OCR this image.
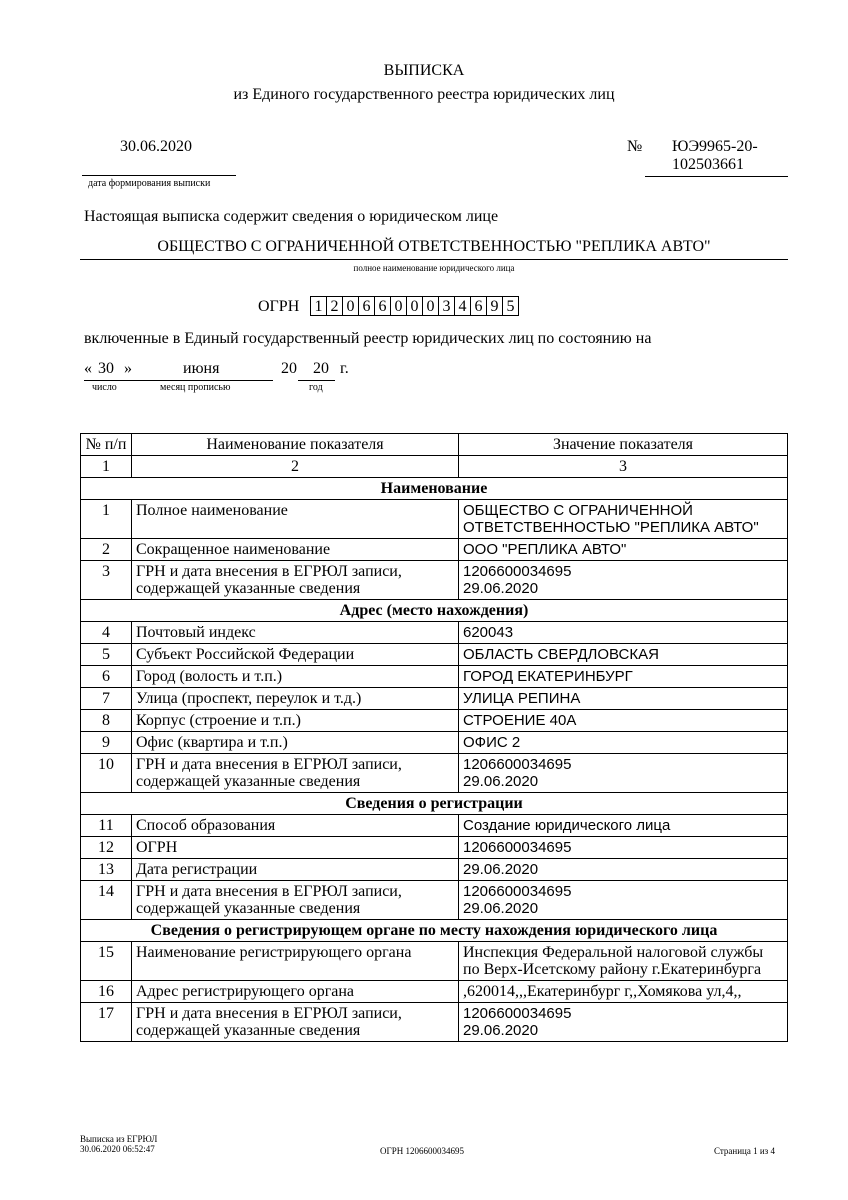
ВЫПИСКА
из Единого государственного реестра юридических лиц
30.06.2020
дата формирования выписки
№ ЮЭ9965-20-
102503661
Настоящая выписка содержит сведения о юридическом лице
ОБЩЕСТВО С ОГРАНИЧЕННОЙ ОТВЕТСТВЕННОСТЬЮ "РЕПЛИКА АВТО"
полное наименование юридического лица
ОГРН 1 2 0 6 6 0 0 0 3 4 6 9 5
включенные в Единый государственный реестр юридических лиц по состоянию на
« 30 »	июня	20 20 г.
число	месяц прописью	год
№ п/п	Наименование показателя	Значение показателя
1	2	3
Наименование		
1	Полное наименование	ОБЩЕСТВО С ОГРАНИЧЕННОЙ ОТВЕТСТВЕННОСТЬЮ "РЕПЛИКА АВТО"
2	Сокращенное наименование	ООО "РЕПЛИКА АВТО"
3	ГРН и дата внесения в ЕГРЮЛ записи, содержащей указанные сведения	1206600034695
29.06.2020

Адрес (место нахождения)		
4	Почтовый индекс	620043
5	Субъект Российской Федерации	ОБЛАСТЬ СВЕРДЛОВСКАЯ
6	Город (волость и т.п.)	ГОРОД ЕКАТЕРИНБУРГ
7	Улица (проспект, переулок и т.д.)	УЛИЦА РЕПИНА
8	Корпус (строение и т.п.)	СТРОЕНИЕ 40А
9	Офис (квартира и т.п.)	ОФИС 2
10	ГРН и дата внесения в ЕГРЮЛ записи, содержащей указанные сведения	1206600034695
29.06.2020

Сведения о регистрации		
11	Способ образования	Создание юридического лица
12	ОГРН	1206600034695
13	Дата регистрации	29.06.2020
14	ГРН и дата внесения в ЕГРЮЛ записи, содержащей указанные сведения	1206600034695
29.06.2020

Сведения о регистрирующем органе по месту нахождения юридического лица		
15	Наименование регистрирующего органа	Инспекция Федеральной налоговой службы по Верх-Исетскому району г.Екатеринбурга
16	Адрес регистрирующего органа	,620014,,,Екатеринбург г,,Хомякова ул,4,,
17	ГРН и дата внесения в ЕГРЮЛ записи, содержащей указанные сведения	1206600034695
29.06.2020
Выписка из ЕГРЮЛ
30.06.2020 06:52:47	ОГРН 1206600034695	Страница 1 из 4
